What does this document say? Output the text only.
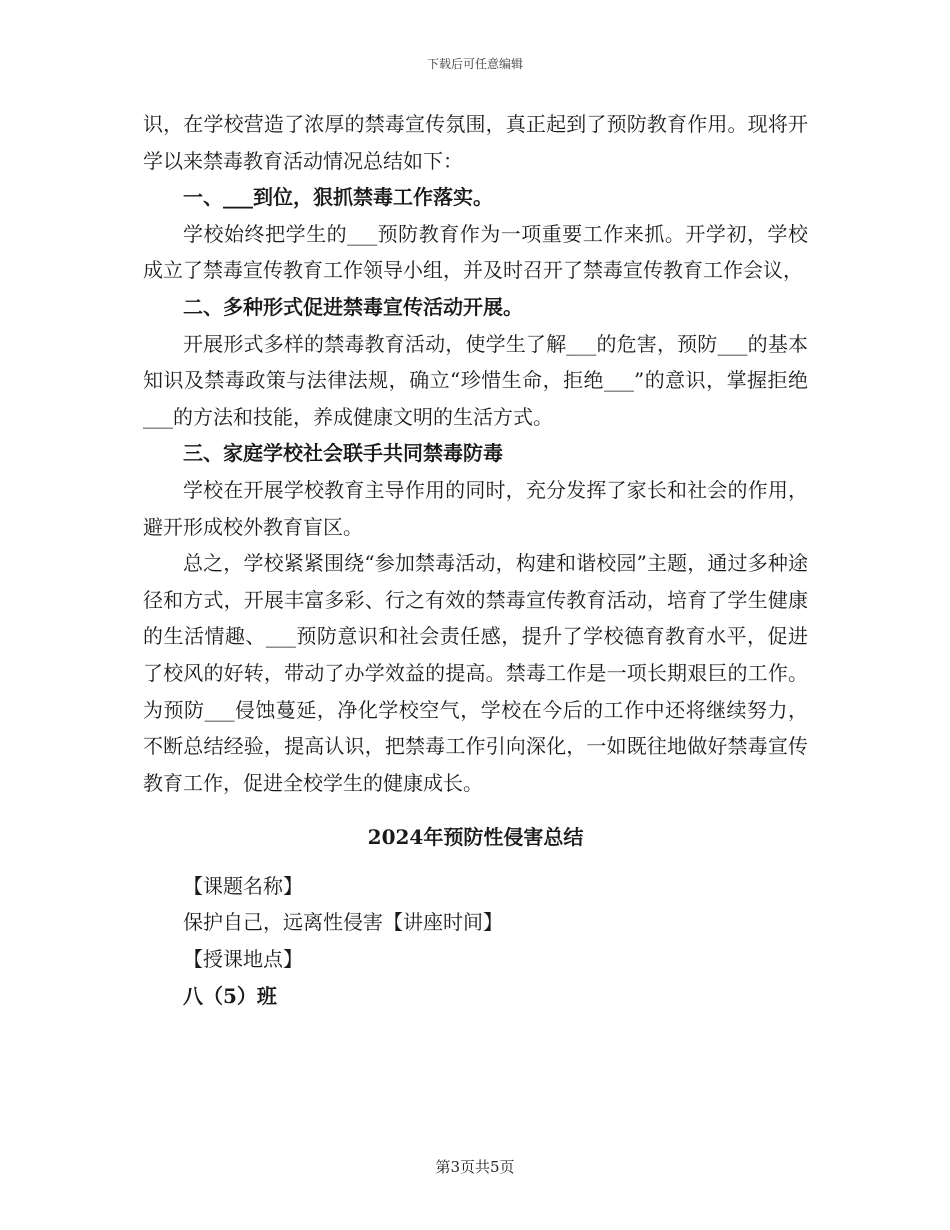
下载后可任意编辑

识，在学校营造了浓厚的禁毒宣传氛围，真正起到了预防教育作用。现将开学以来禁毒教育活动情况总结如下：

一、___到位，狠抓禁毒工作落实。

学校始终把学生的___预防教育作为一项重要工作来抓。开学初，学校成立了禁毒宣传教育工作领导小组，并及时召开了禁毒宣传教育工作会议，

二、多种形式促进禁毒宣传活动开展。

开展形式多样的禁毒教育活动，使学生了解___的危害，预防___的基本知识及禁毒政策与法律法规，确立“珍惜生命，拒绝___”的意识，掌握拒绝___的方法和技能，养成健康文明的生活方式。

三、家庭学校社会联手共同禁毒防毒

学校在开展学校教育主导作用的同时，充分发挥了家长和社会的作用，避开形成校外教育盲区。

总之，学校紧紧围绕“参加禁毒活动，构建和谐校园”主题，通过多种途径和方式，开展丰富多彩、行之有效的禁毒宣传教育活动，培育了学生健康的生活情趣、___预防意识和社会责任感，提升了学校德育教育水平，促进了校风的好转，带动了办学效益的提高。禁毒工作是一项长期艰巨的工作。为预防___侵蚀蔓延，净化学校空气，学校在今后的工作中还将继续努力，不断总结经验，提高认识，把禁毒工作引向深化，一如既往地做好禁毒宣传教育工作，促进全校学生的健康成长。

2024年预防性侵害总结

【课题名称】

保护自己，远离性侵害【讲座时间】

【授课地点】

八（5）班

第3页共5页
